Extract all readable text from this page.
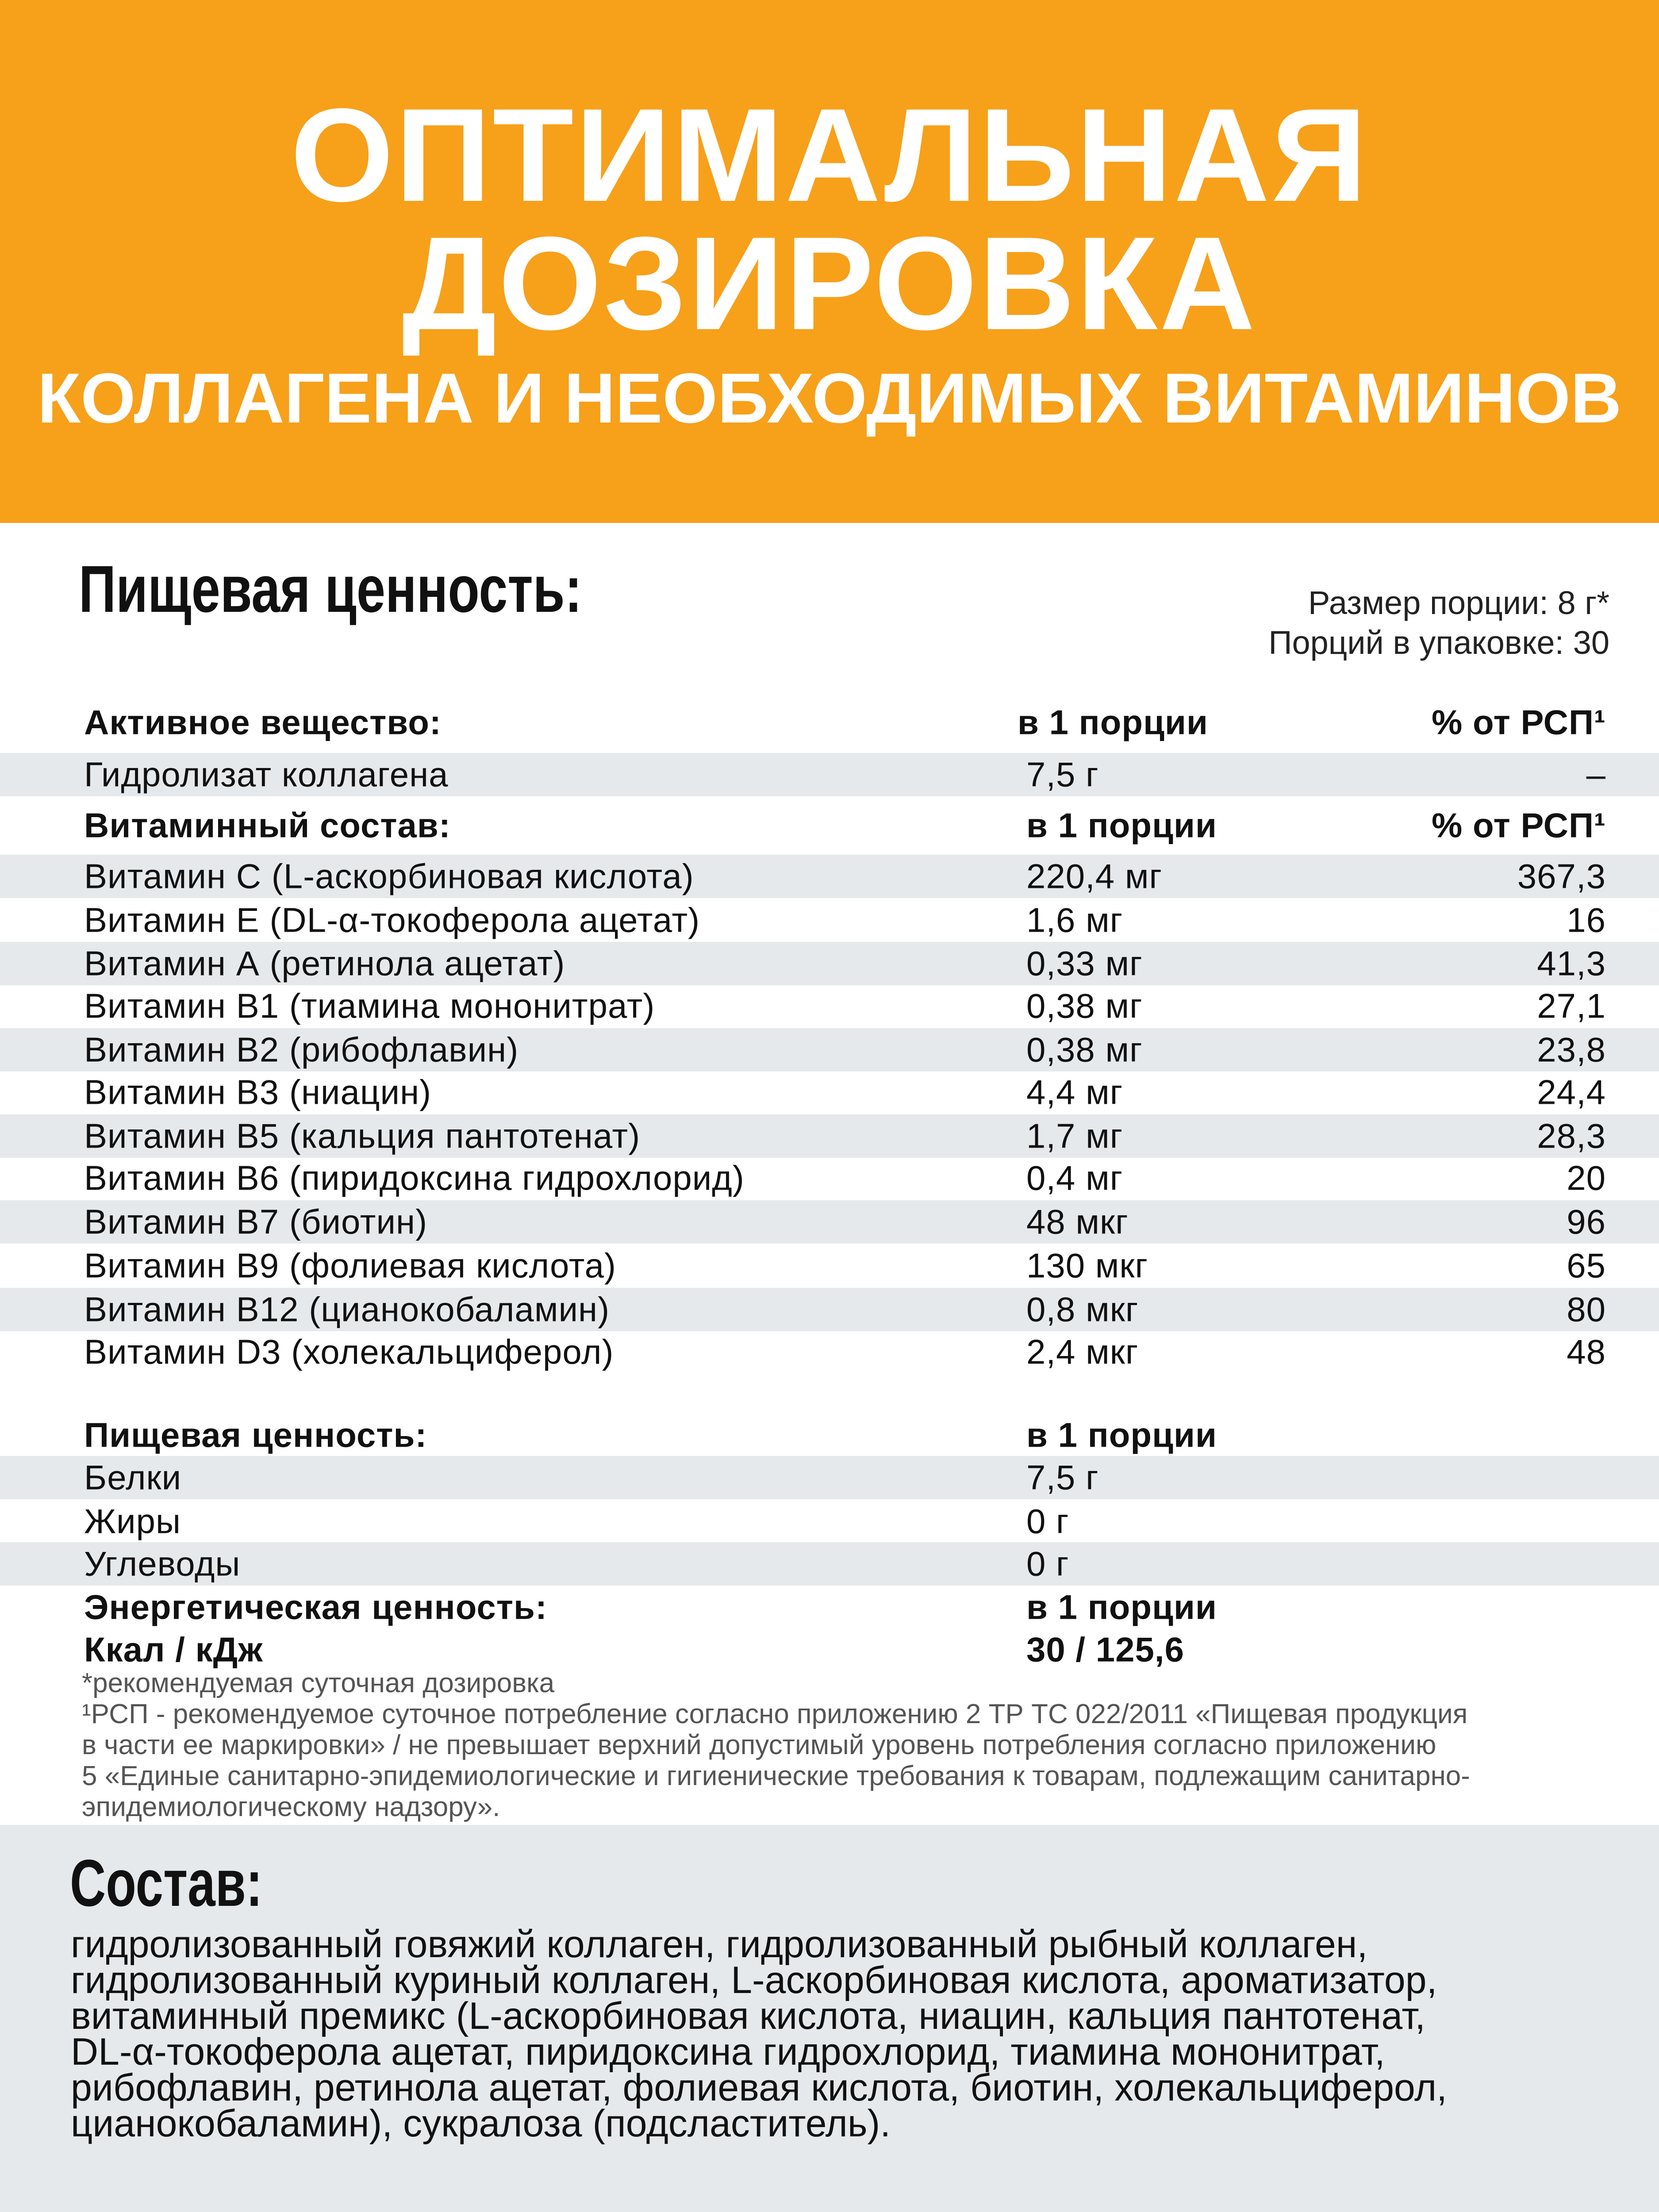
ОПТИМАЛЬНАЯ
ДОЗИРОВКА
КОЛЛАГЕНА И НЕОБХОДИМЫХ ВИТАМИНОВ
Пищевая ценность:	Размер порции: 8 г*
Порций в упаковке: 30
Активное вещество:	в 1 порции	% от РСП¹
Гидролизат коллагена	7,5 г	–
Витаминный состав:	в 1 порции	% от РСП¹
Витамин С (L-аскорбиновая кислота)	220,4 мг	367,3
Витамин Е (DL-α-токоферола ацетат)	1,6 мг	16
Витамин А (ретинола ацетат)	0,33 мг	41,3
Витамин В1 (тиамина мононитрат)	0,38 мг	27,1
Витамин В2 (рибофлавин)	0,38 мг	23,8
Витамин В3 (ниацин)	4,4 мг	24,4
Витамин В5 (кальция пантотенат)	1,7 мг	28,3
Витамин В6 (пиридоксина гидрохлорид)	0,4 мг	20
Витамин В7 (биотин)	48 мкг	96
Витамин В9 (фолиевая кислота)	130 мкг	65
Витамин В12 (цианокобаламин)	0,8 мкг	80
Витамин D3 (холекальциферол)	2,4 мкг	48
Пищевая ценность:	в 1 порции
Белки	7,5 г
Жиры	0 г
Углеводы	0 г
Энергетическая ценность:	в 1 порции
Ккал / кДж	30 / 125,6
*рекомендуемая суточная дозировка
¹РСП - рекомендуемое суточное потребление согласно приложению 2 ТР ТС 022/2011 «Пищевая продукция
в части ее маркировки» / не превышает верхний допустимый уровень потребления согласно приложению
5 «Единые санитарно-эпидемиологические и гигиенические требования к товарам, подлежащим санитарно-
эпидемиологическому надзору».
Состав:
гидролизованный говяжий коллаген, гидролизованный рыбный коллаген,
гидролизованный куриный коллаген, L-аскорбиновая кислота, ароматизатор,
витаминный премикс (L-аскорбиновая кислота, ниацин, кальция пантотенат,
DL-α-токоферола ацетат, пиридоксина гидрохлорид, тиамина мононитрат,
рибофлавин, ретинола ацетат, фолиевая кислота, биотин, холекальциферол,
цианокобаламин), сукралоза (подсластитель).
